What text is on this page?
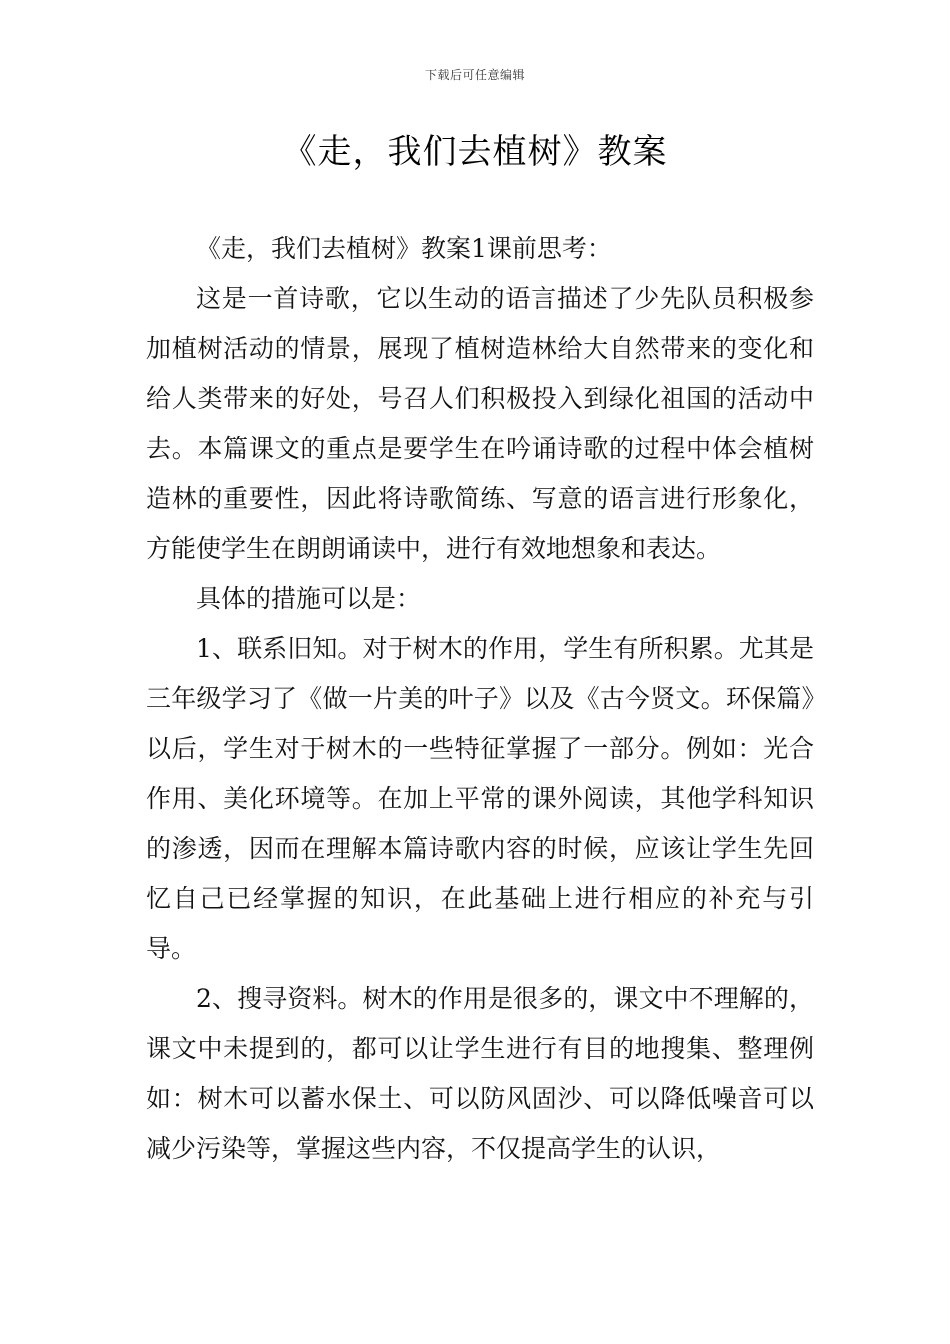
下载后可任意编辑
《走，我们去植树》教案

《走，我们去植树》教案1课前思考：

这是一首诗歌，它以生动的语言描述了少先队员积极参加植树活动的情景，展现了植树造林给大自然带来的变化和给人类带来的好处，号召人们积极投入到绿化祖国的活动中去。本篇课文的重点是要学生在吟诵诗歌的过程中体会植树造林的重要性，因此将诗歌简练、写意的语言进行形象化，方能使学生在朗朗诵读中，进行有效地想象和表达。

具体的措施可以是：

1、联系旧知。对于树木的作用，学生有所积累。尤其是三年级学习了《做一片美的叶子》以及《古今贤文。环保篇》以后，学生对于树木的一些特征掌握了一部分。例如：光合作用、美化环境等。在加上平常的课外阅读，其他学科知识的渗透，因而在理解本篇诗歌内容的时候，应该让学生先回忆自己已经掌握的知识，在此基础上进行相应的补充与引导。

2、搜寻资料。树木的作用是很多的，课文中不理解的，课文中未提到的，都可以让学生进行有目的地搜集、整理例如：树木可以蓄水保土、可以防风固沙、可以降低噪音可以减少污染等，掌握这些内容，不仅提高学生的认识，
